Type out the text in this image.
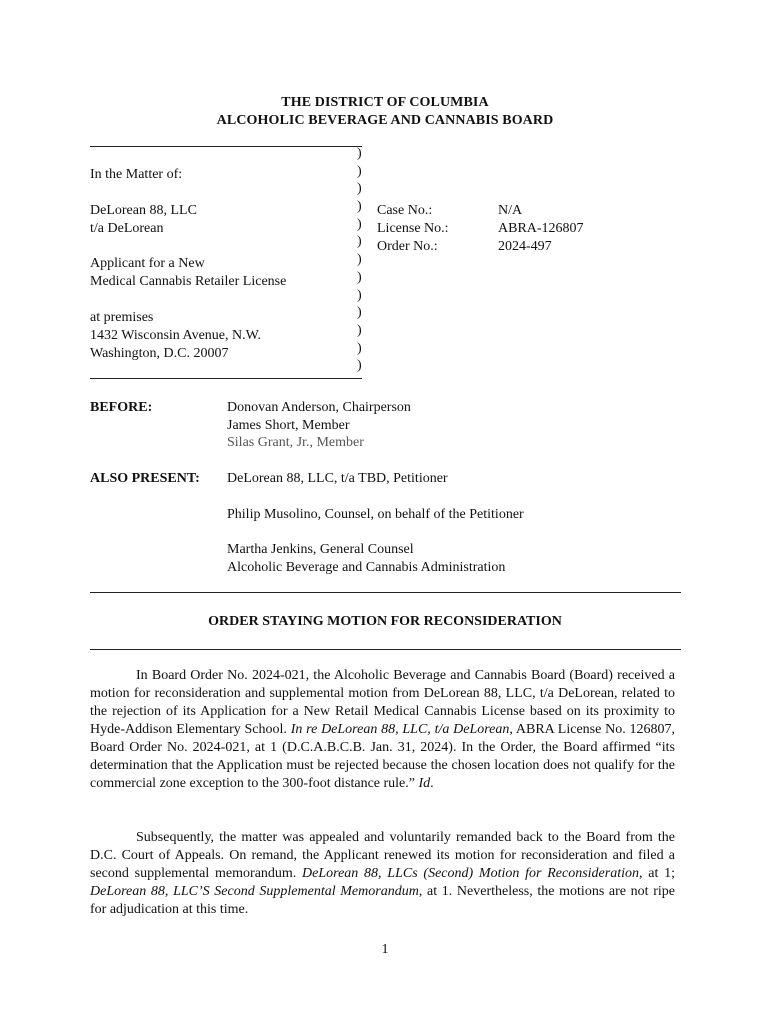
THE DISTRICT OF COLUMBIA
ALCOHOLIC BEVERAGE AND CANNABIS BOARD
)
)
)
)
)
)
)
)
)
)
)
)
)
In the Matter of:
DeLorean 88, LLC
t/a DeLorean
Applicant for a New
Medical Cannabis Retailer License
at premises
1432 Wisconsin Avenue, N.W.
Washington, D.C. 20007
Case No.:	N/A
License No.:	ABRA-126807
Order No.:	2024-497
BEFORE:	Donovan Anderson, Chairperson
James Short, Member
Silas Grant, Jr., Member
ALSO PRESENT: DeLorean 88, LLC, t/a TBD, Petitioner
Philip Musolino, Counsel, on behalf of the Petitioner
Martha Jenkins, General Counsel
Alcoholic Beverage and Cannabis Administration
ORDER STAYING MOTION FOR RECONSIDERATION
In Board Order No. 2024-021, the Alcoholic Beverage and Cannabis Board (Board) received a motion for reconsideration and supplemental motion from DeLorean 88, LLC, t/a DeLorean, related to the rejection of its Application for a New Retail Medical Cannabis License based on its proximity to Hyde-Addison Elementary School. In re DeLorean 88, LLC, t/a DeLorean, ABRA License No. 126807, Board Order No. 2024-021, at 1 (D.C.A.B.C.B. Jan. 31, 2024). In the Order, the Board affirmed “its determination that the Application must be rejected because the chosen location does not qualify for the commercial zone exception to the 300-foot distance rule.” Id.
Subsequently, the matter was appealed and voluntarily remanded back to the Board from the D.C. Court of Appeals. On remand, the Applicant renewed its motion for reconsideration and filed a second supplemental memorandum. DeLorean 88, LLCs (Second) Motion for Reconsideration, at 1; DeLorean 88, LLC’S Second Supplemental Memorandum, at 1. Nevertheless, the motions are not ripe for adjudication at this time.
1
